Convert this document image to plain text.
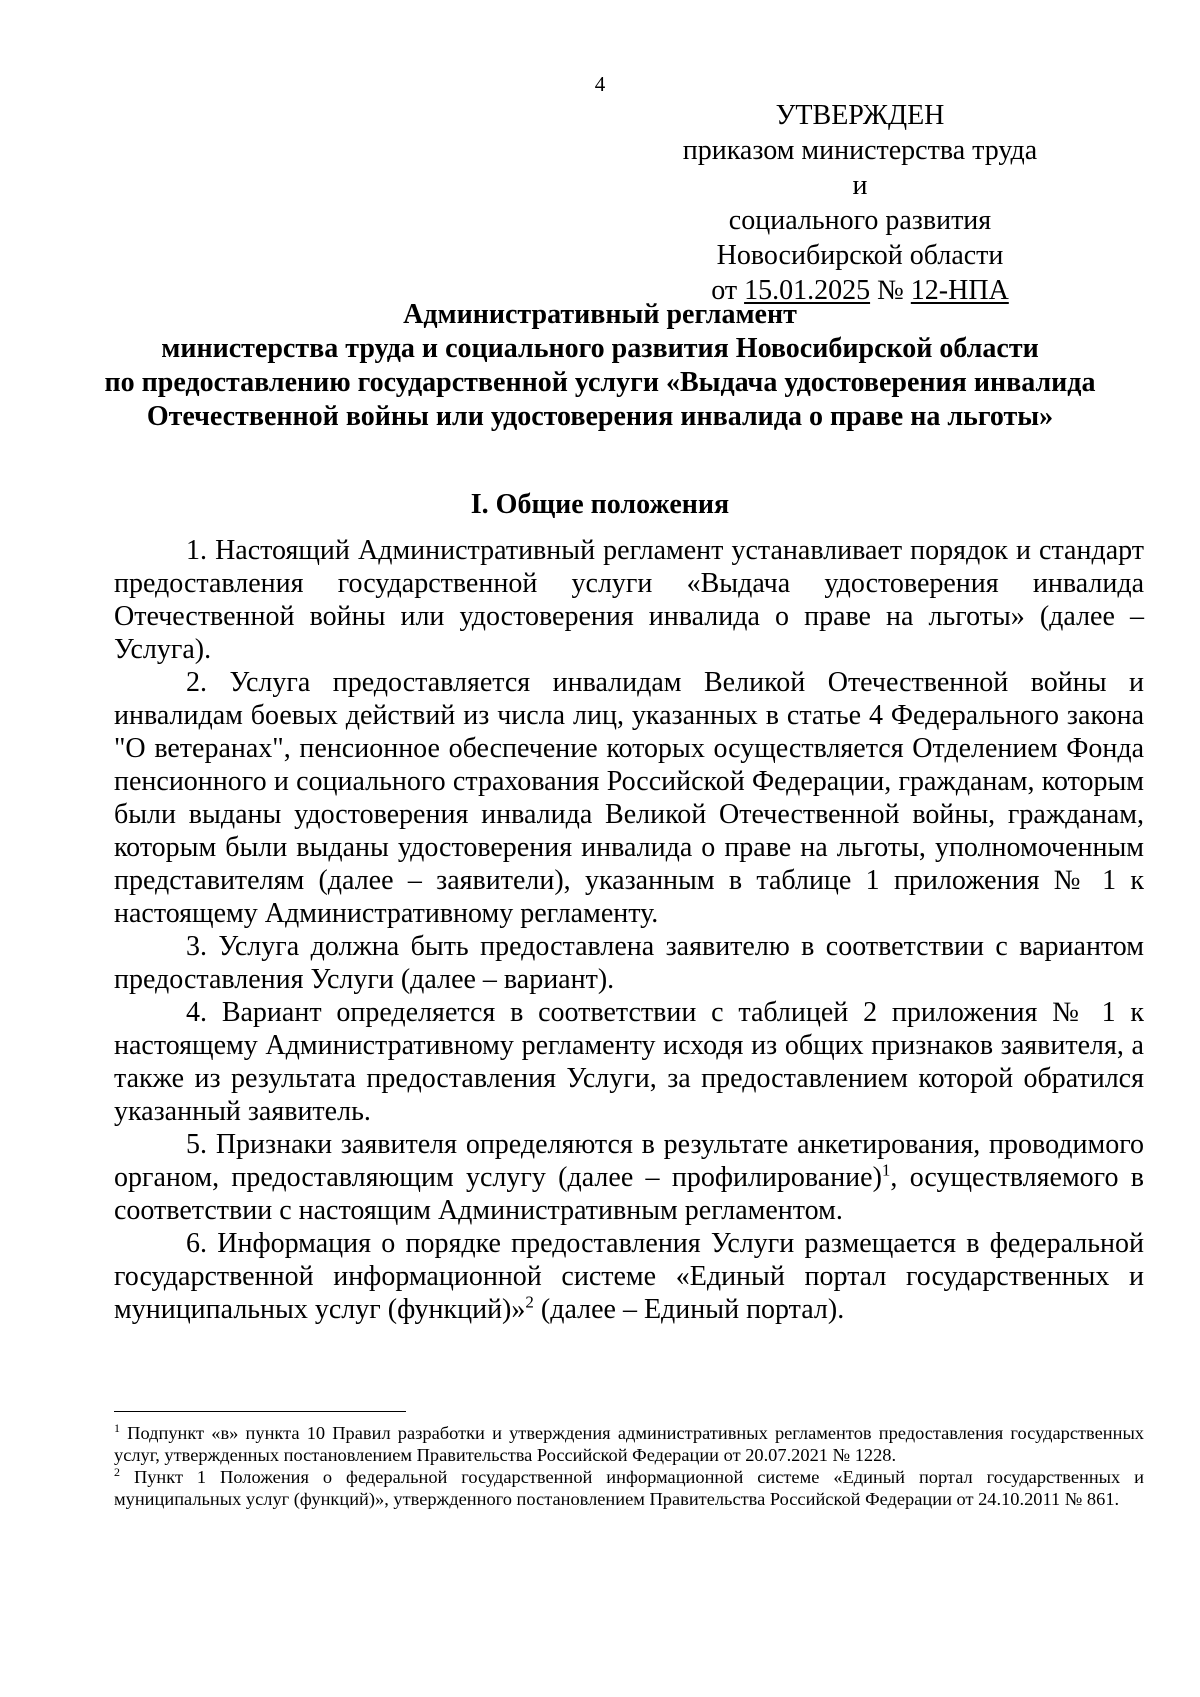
4
УТВЕРЖДЕН
приказом министерства труда и
социального развития
Новосибирской области
от 15.01.2025 № 12-НПА
Административный регламент
министерства труда и социального развития Новосибирской области
по предоставлению государственной услуги «Выдача удостоверения инвалида
Отечественной войны или удостоверения инвалида о праве на льготы»
I. Общие положения

1. Настоящий Административный регламент устанавливает порядок и стандарт предоставления государственной услуги «Выдача удостоверения инвалида Отечественной войны или удостоверения инвалида о праве на льготы» (далее – Услуга).

2. Услуга предоставляется инвалидам Великой Отечественной войны и инвалидам боевых действий из числа лиц, указанных в статье 4 Федерального закона "О ветеранах", пенсионное обеспечение которых осуществляется Отделением Фонда пенсионного и социального страхования Российской Федерации, гражданам, которым были выданы удостоверения инвалида Великой Отечественной войны, гражданам, которым были выданы удостоверения инвалида о праве на льготы, уполномоченным представителям (далее – заявители), указанным в таблице 1 приложения № 1 к настоящему Административному регламенту.

3. Услуга должна быть предоставлена заявителю в соответствии с вариантом предоставления Услуги (далее – вариант).

4. Вариант определяется в соответствии с таблицей 2 приложения № 1 к настоящему Административному регламенту исходя из общих признаков заявителя, а также из результата предоставления Услуги, за предоставлением которой обратился указанный заявитель.

5. Признаки заявителя определяются в результате анкетирования, проводимого органом, предоставляющим услугу (далее – профилирование)$^1$, осуществляемого в соответствии с настоящим Административным регламентом.

6. Информация о порядке предоставления Услуги размещается в федеральной государственной информационной системе «Единый портал государственных и муниципальных услуг (функций)»$^2$ (далее – Единый портал).

$^1$ Подпункт «в» пункта 10 Правил разработки и утверждения административных регламентов предоставления государственных услуг, утвержденных постановлением Правительства Российской Федерации от 20.07.2021 № 1228.

$^2$ Пункт 1 Положения о федеральной государственной информационной системе «Единый портал государственных и муниципальных услуг (функций)», утвержденного постановлением Правительства Российской Федерации от 24.10.2011 № 861.
